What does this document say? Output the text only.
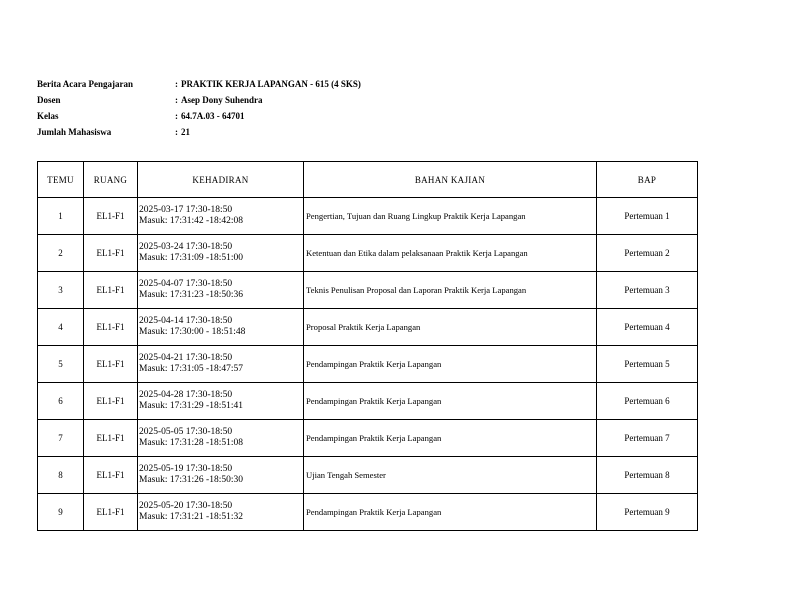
Berita Acara Pengajaran	: PRAKTIK KERJA LAPANGAN - 615 (4 SKS)
Dosen	: Asep Dony Suhendra
Kelas	: 64.7A.03 - 64701
Jumlah Mahasiswa	: 21
TEMU	RUANG	KEHADIRAN	BAHAN KAJIAN	BAP
1	EL1-F1	2025-03-17 17:30-18:50
Masuk: 17:31:42 -18:42:08	Pengertian, Tujuan dan Ruang Lingkup Praktik Kerja Lapangan	Pertemuan 1
2	EL1-F1	2025-03-24 17:30-18:50
Masuk: 17:31:09 -18:51:00	Ketentuan dan Etika dalam pelaksanaan Praktik Kerja Lapangan	Pertemuan 2
3	EL1-F1	2025-04-07 17:30-18:50
Masuk: 17:31:23 -18:50:36	Teknis Penulisan Proposal dan Laporan Praktik Kerja Lapangan	Pertemuan 3
4	EL1-F1	2025-04-14 17:30-18:50
Masuk: 17:30:00 - 18:51:48	Proposal Praktik Kerja Lapangan	Pertemuan 4
5	EL1-F1	2025-04-21 17:30-18:50
Masuk: 17:31:05 -18:47:57	Pendampingan Praktik Kerja Lapangan	Pertemuan 5
6	EL1-F1	2025-04-28 17:30-18:50
Masuk: 17:31:29 -18:51:41	Pendampingan Praktik Kerja Lapangan	Pertemuan 6
7	EL1-F1	2025-05-05 17:30-18:50
Masuk: 17:31:28 -18:51:08	Pendampingan Praktik Kerja Lapangan	Pertemuan 7
8	EL1-F1	2025-05-19 17:30-18:50
Masuk: 17:31:26 -18:50:30	Ujian Tengah Semester	Pertemuan 8
9	EL1-F1	2025-05-20 17:30-18:50
Masuk: 17:31:21 -18:51:32	Pendampingan Praktik Kerja Lapangan	Pertemuan 9
